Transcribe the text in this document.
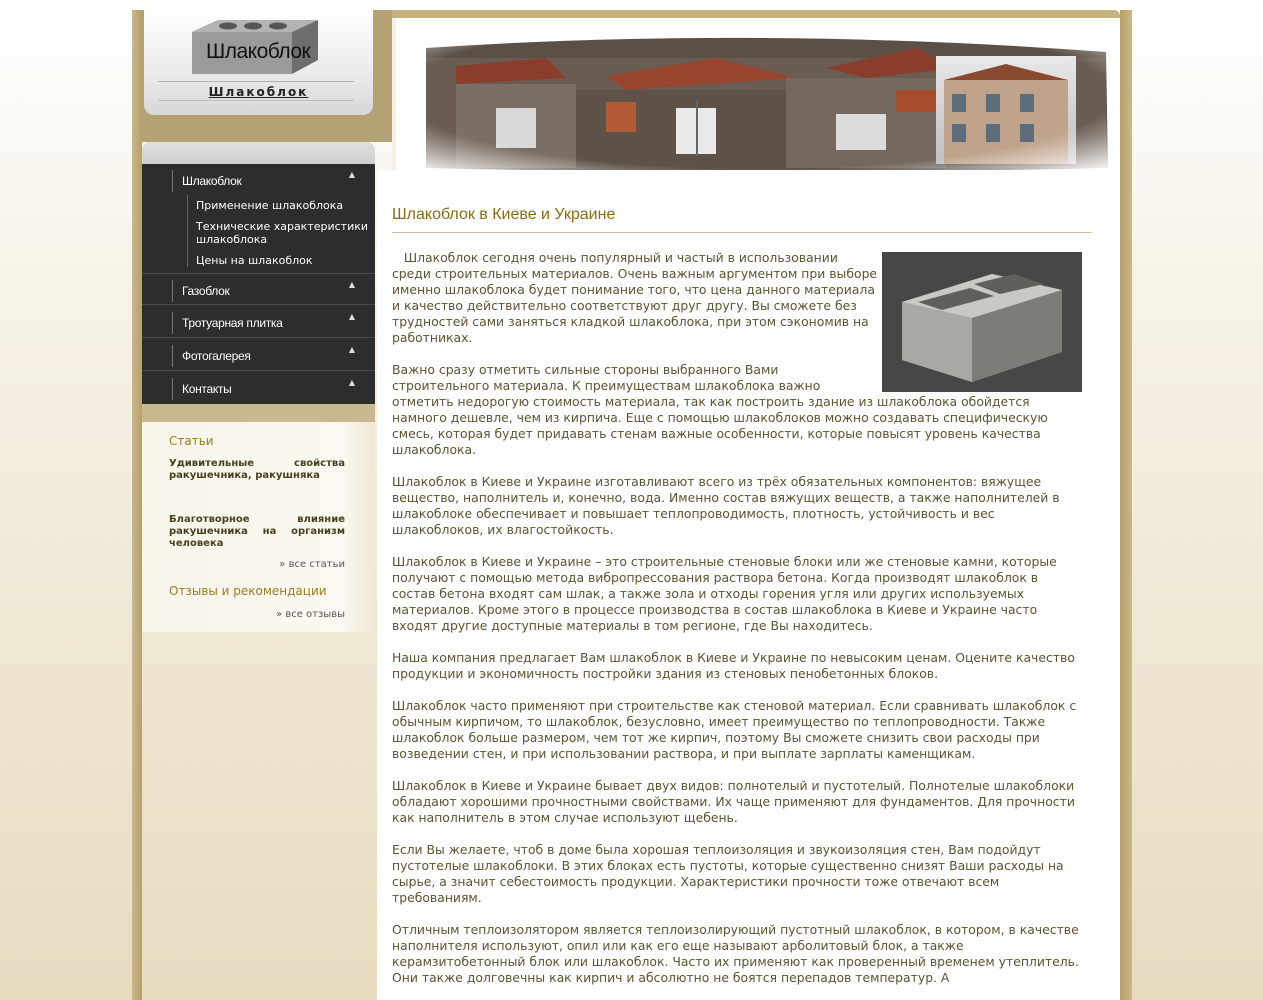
Шлакоблок
Шлакоблок
Шлакоблок	▲
Применение шлакоблока
Технические характеристики шлакоблока
Цены на шлакоблок
Газоблок	▲
Тротуарная плитка	▲
Фотогалерея	▲
Контакты	▲
Статьи
Удивительные свойства ракушечника, ракушняка
Благотворное влияние ракушечника на организм человека
» все статьи
Отзывы и рекомендации
» все отзывы
Шлакоблок в Киеве и Украине

Шлакоблок сегодня очень популярный и частый в использовании среди строительных материалов. Очень важным аргументом при выборе именно шлакоблока будет понимание того, что цена данного материала и качество действительно соответствуют друг другу. Вы сможете без трудностей сами заняться кладкой шлакоблока, при этом сэкономив на работниках.

Важно сразу отметить сильные стороны выбранного Вами строительного материала. К преимуществам шлакоблока важно отметить недорогую стоимость материала, так как построить здание из шлакоблока обойдется намного дешевле, чем из кирпича. Еще с помощью шлакоблоков можно создавать специфическую смесь, которая будет придавать стенам важные особенности, которые повысят уровень качества шлакоблока.

Шлакоблок в Киеве и Украине изготавливают всего из трёх обязательных компонентов: вяжущее вещество, наполнитель и, конечно, вода. Именно состав вяжущих веществ, а также наполнителей в шлакоблоке обеспечивает и повышает теплопроводимость, плотность, устойчивость и вес шлакоблоков, их влагостойкость.

Шлакоблок в Киеве и Украине – это строительные стеновые блоки или же стеновые камни, которые получают с помощью метода вибропрессования раствора бетона. Когда производят шлакоблок в состав бетона входят сам шлак, а также зола и отходы горения угля или других используемых материалов. Кроме этого в процессе производства в состав шлакоблока в Киеве и Украине часто входят другие доступные материалы в том регионе, где Вы находитесь.

Наша компания предлагает Вам шлакоблок в Киеве и Украине по невысоким ценам. Оцените качество продукции и экономичность постройки здания из стеновых пенобетонных блоков.

Шлакоблок часто применяют при строительстве как стеновой материал. Если сравнивать шлакоблок с обычным кирпичом, то шлакоблок, безусловно, имеет преимущество по теплопроводности. Также шлакоблок больше размером, чем тот же кирпич, поэтому Вы сможете снизить свои расходы при возведении стен, и при использовании раствора, и при выплате зарплаты каменщикам.

Шлакоблок в Киеве и Украине бывает двух видов: полнотелый и пустотелый. Полнотелые шлакоблоки обладают хорошими прочностными свойствами. Их чаще применяют для фундаментов. Для прочности как наполнитель в этом случае используют щебень.

Если Вы желаете, чтоб в доме была хорошая теплоизоляция и звукоизоляция стен, Вам подойдут пустотелые шлакоблоки. В этих блоках есть пустоты, которые существенно снизят Ваши расходы на сырье, а значит себестоимость продукции. Характеристики прочности тоже отвечают всем требованиям.

Отличным теплоизолятором является теплоизолирующий пустотный шлакоблок, в котором, в качестве наполнителя используют, опил или как его еще называют арболитовый блок, а также керамзитобетонный блок или шлакоблок. Часто их применяют как проверенный временем утеплитель. Они также долговечны как кирпич и абсолютно не боятся перепадов температур. А
